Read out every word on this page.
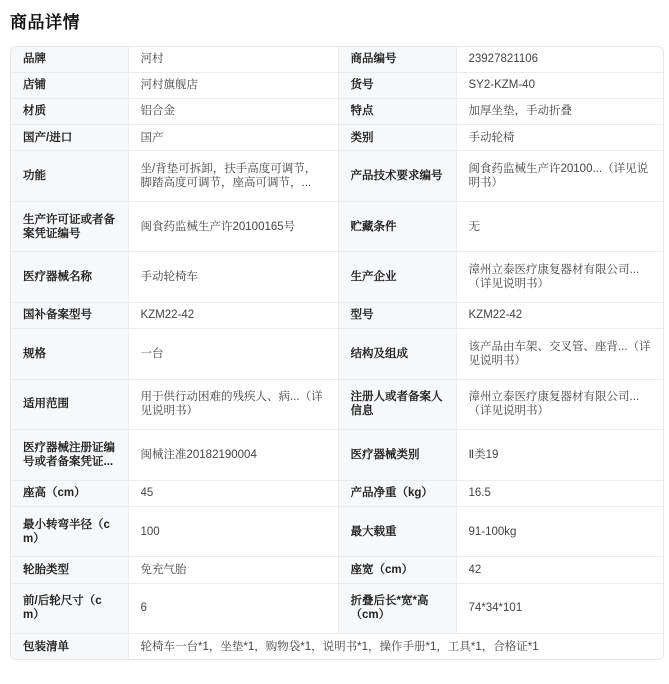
商品详情
品牌	河村	商品编号	23927821106

店铺	河村旗舰店	货号	SY2-KZM-40

材质	铝合金	特点	加厚坐垫，手动折叠

国产/进口	国产	类别	手动轮椅

功能	坐/背垫可拆卸，扶手高度可调节，脚踏高度可调节，座高可调节，...	产品技术要求编号	闽食药监械生产许20100...（详见说明书）

生产许可证或者备案凭证编号	闽食药监械生产许20100165号	贮藏条件	无

医疗器械名称	手动轮椅车	生产企业	漳州立泰医疗康复器材有限公司...（详见说明书）

国补备案型号	KZM22-42	型号	KZM22-42

规格	一台	结构及组成	该产品由车架、交叉管、座背...（详见说明书）

适用范围	用于供行动困难的残疾人、病...（详见说明书）	注册人或者备案人信息	漳州立泰医疗康复器材有限公司...（详见说明书）

医疗器械注册证编号或者备案凭证...	闽械注准20182190004	医疗器械类别	Ⅱ类19

座高（cm）	45	产品净重（kg）	16.5

最小转弯半径（cm）	100	最大载重	91-100kg

轮胎类型	免充气胎	座宽（cm）	42

前/后轮尺寸（cm）	6	折叠后长*宽*高（cm）	74*34*101

包装清单	轮椅车一台*1，坐垫*1，购物袋*1，说明书*1，操作手册*1，工具*1，合格证*1		
